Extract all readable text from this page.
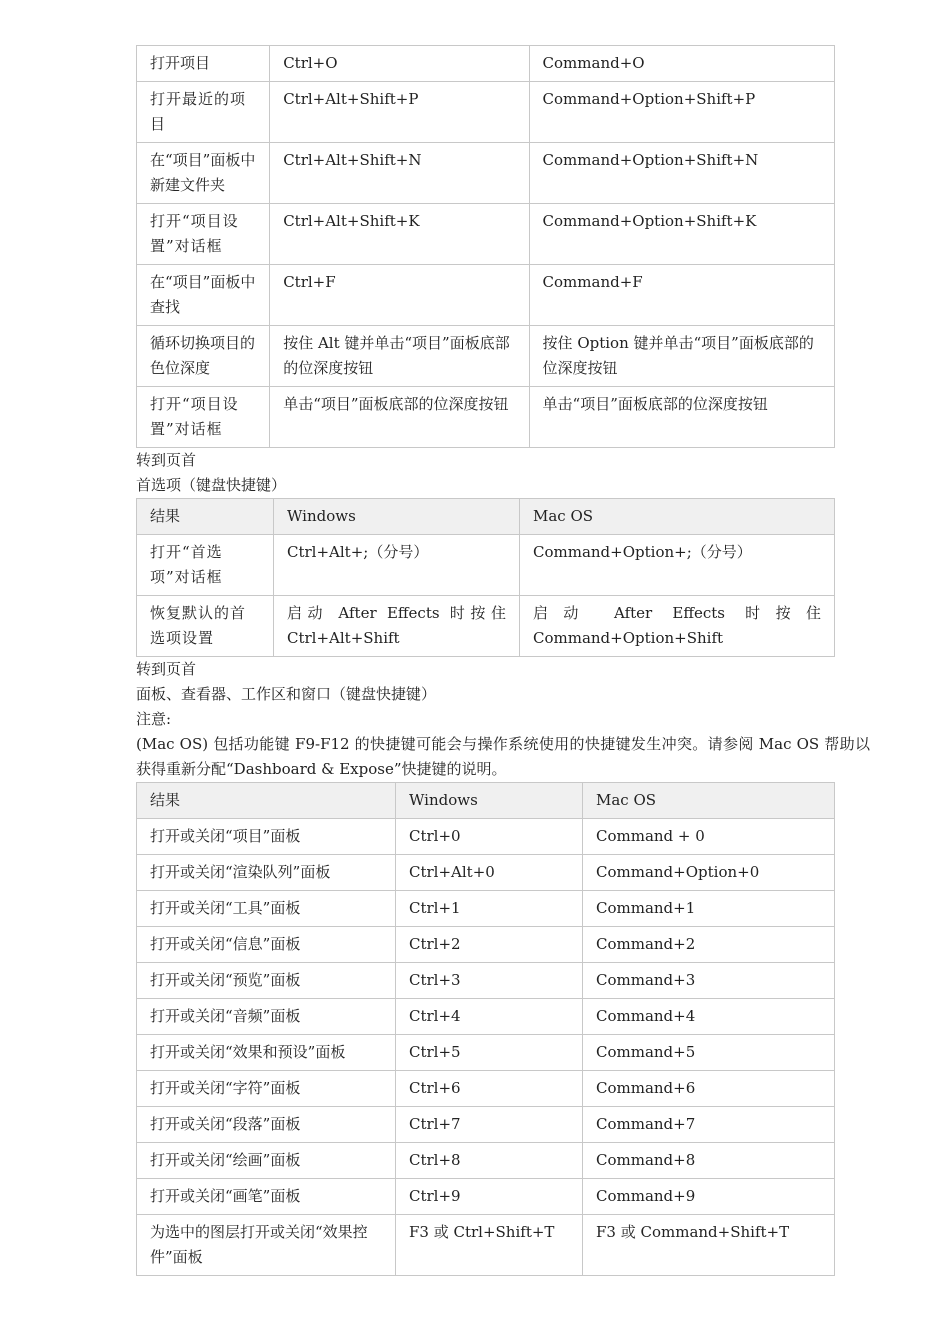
打开项目	Ctrl+O	Command+O
打开最近的项目	Ctrl+Alt+Shift+P	Command+Option+Shift+P
在“项目”面板中新建文件夹	Ctrl+Alt+Shift+N	Command+Option+Shift+N
打开“项目设置”对话框	Ctrl+Alt+Shift+K	Command+Option+Shift+K
在“项目”面板中查找	Ctrl+F	Command+F
循环切换项目的色位深度	按住 Alt 键并单击“项目”面板底部的位深度按钮	按住 Option 键并单击“项目”面板底部的位深度按钮
打开“项目设置”对话框	单击“项目”面板底部的位深度按钮	单击“项目”面板底部的位深度按钮

转到页首

首选项（键盘快捷键）

结果	Windows	Mac OS
打开“首选项”对话框	Ctrl+Alt+;（分号）	Command+Option+;（分号）
恢复默认的首选项设置	启动 After Effects 时按住 Ctrl+Alt+Shift	启动 After Effects 时按住 Command+Option+Shift

转到页首

面板、查看器、工作区和窗口（键盘快捷键）

注意:

(Mac OS) 包括功能键 F9-F12 的快捷键可能会与操作系统使用的快捷键发生冲突。请参阅 Mac OS 帮助以获得重新分配“Dashboard & Expose”快捷键的说明。

结果	Windows	Mac OS
打开或关闭“项目”面板	Ctrl+0	Command + 0
打开或关闭“渲染队列”面板	Ctrl+Alt+0	Command+Option+0
打开或关闭“工具”面板	Ctrl+1	Command+1
打开或关闭“信息”面板	Ctrl+2	Command+2
打开或关闭“预览”面板	Ctrl+3	Command+3
打开或关闭“音频”面板	Ctrl+4	Command+4
打开或关闭“效果和预设”面板	Ctrl+5	Command+5
打开或关闭“字符”面板	Ctrl+6	Command+6
打开或关闭“段落”面板	Ctrl+7	Command+7
打开或关闭“绘画”面板	Ctrl+8	Command+8
打开或关闭“画笔”面板	Ctrl+9	Command+9
为选中的图层打开或关闭“效果控件”面板	F3 或 Ctrl+Shift+T	F3 或 Command+Shift+T
